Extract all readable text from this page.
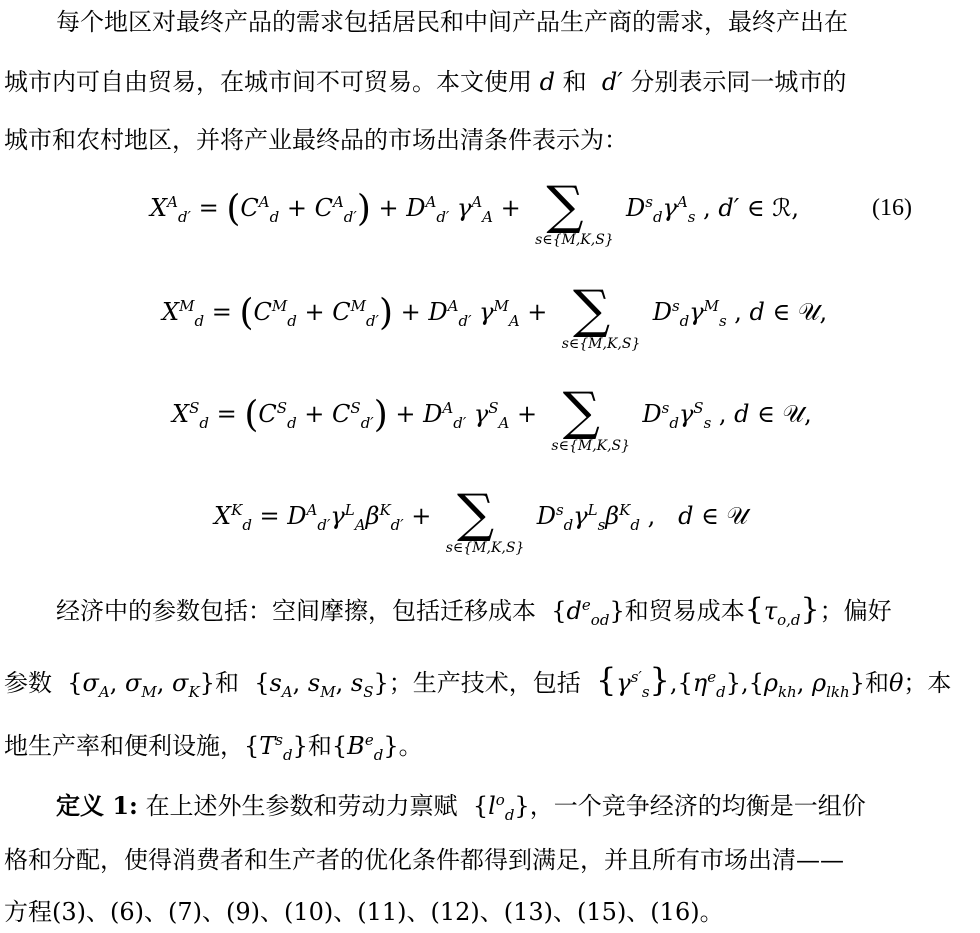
每个地区对最终产品的需求包括居民和中间产品生产商的需求，最终产出在
城市内可自由贸易，在城市间不可贸易。本文使用 d 和 d′ 分别表示同一城市的
城市和农村地区，并将产业最终品的市场出清条件表示为：
$X^A_{d'} = (C^A_d + C^A_{d'}) + D^A_{d'}$ $\gamma^A_A$ + ∑
s∈{M,K,S}
$D^s_d\gamma^A_s$ , d′ ∈ ℛ,	(16)
$X^M_d = (C^M_d + C^M_{d'}) + D^A_{d'}$ $\gamma^M_A$ + ∑
s∈{M,K,S}
$D^s_d\gamma^M_s$ , d ∈ 𝒰,
$X^S_d = (C^S_d + C^S_{d'}) + D^A_{d'}$ $\gamma^S_A$ + ∑
s∈{M,K,S}
$D^s_d\gamma^S_s$ , d ∈ 𝒰,
$X^K_d = D^A_{d'}\gamma^L_A\beta^K_{d'}$ + ∑
s∈{M,K,S}
$D^s_d\gamma^L_s\beta^K_d$ ,   d ∈ 𝒰
经济中的参数包括：空间摩擦，包括迁移成本  $\{d^e_{od}\}$和贸易成本$\{\tau_{o,d}\}$；偏好
参数  {$\sigma_A$, $\sigma_M$, $\sigma_K$}和  {$s_A$, $s_M$, $s_S$}；生产技术，包括 $\{\gamma^{s'}_s\},\{\eta^e_d\},\{\rho_{kh}$, $\rho_{lkh}$}和θ；本
地生产率和便利设施，$\{T^s_d\}$和$\{B^e_d\}$。
定义 1: 在上述外生参数和劳动力禀赋  $\{l^o_d\}$，一个竞争经济的均衡是一组价
格和分配，使得消费者和生产者的优化条件都得到满足，并且所有市场出清——
方程(3)、(6)、(7)、(9)、(10)、(11)、(12)、(13)、(15)、(16)。
